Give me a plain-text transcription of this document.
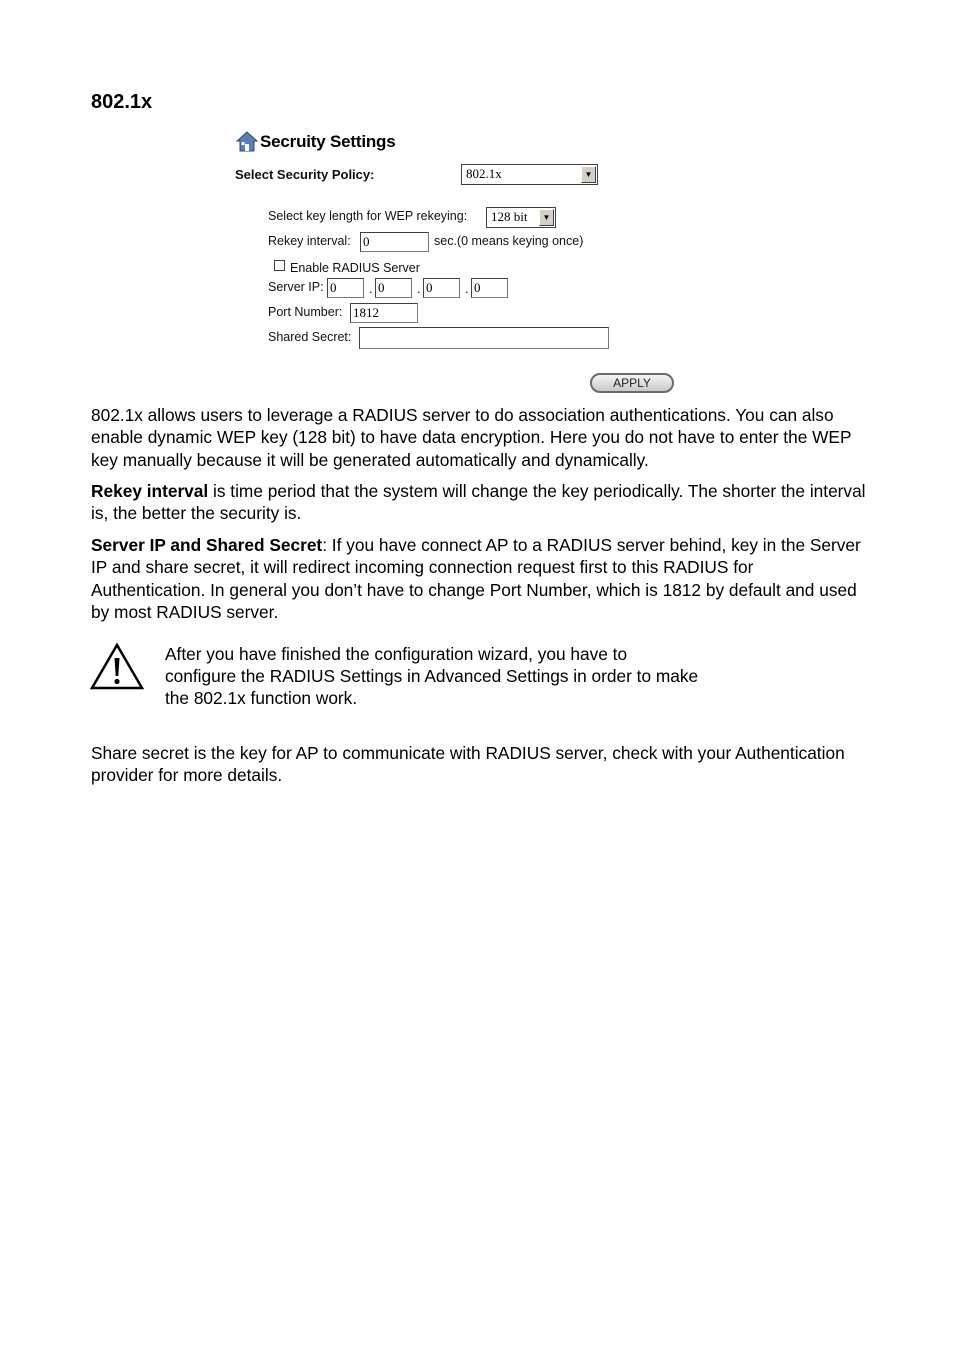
802.1x
Secruity Settings
Select Security Policy:	802.1x	▼
Select key length for WEP rekeying:	128 bit	▼
Rekey interval: 0	sec.(0 means keying once)
Enable RADIUS Server
Server IP: 0	. 0	. 0	. 0
Port Number: 1812
Shared Secret:
APPLY

802.1x allows users to leverage a RADIUS server to do association authentications. You can also enable dynamic WEP key (128 bit) to have data encryption. Here you do not have to enter the WEP key manually because it will be generated automatically and dynamically.

Rekey interval is time period that the system will change the key periodically. The shorter the interval is, the better the security is.

Server IP and Shared Secret: If you have connect AP to a RADIUS server behind, key in the Server IP and share secret, it will redirect incoming connection request first to this RADIUS for Authentication. In general you don’t have to change Port Number, which is 1812 by default and used by most RADIUS server.

After you have finished the configuration wizard, you have to
configure the RADIUS Settings in Advanced Settings in order to make
the 802.1x function work.

Share secret is the key for AP to communicate with RADIUS server, check with your Authentication provider for more details.
